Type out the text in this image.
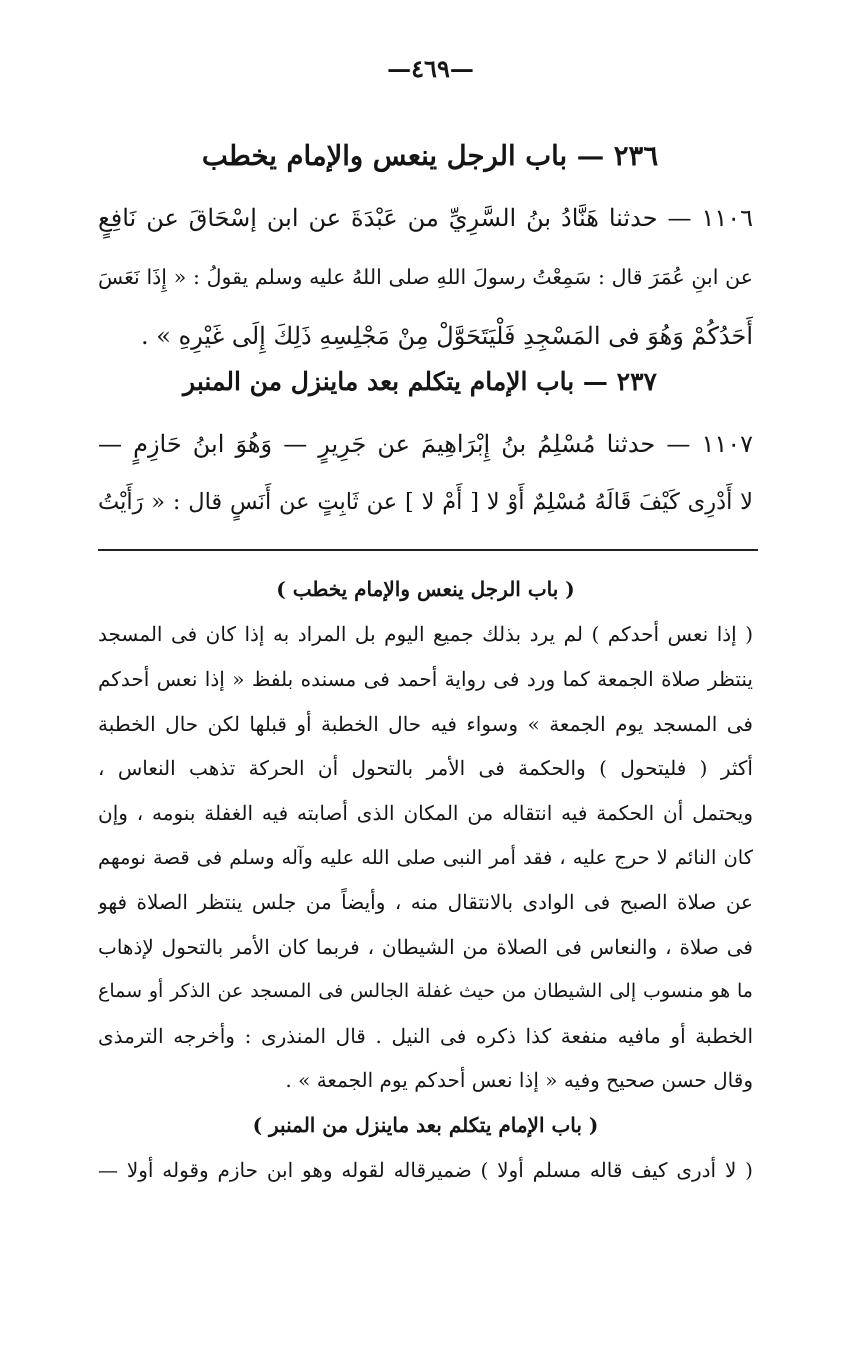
—٤٦٩—
٢٣٦ — باب الرجل ينعس والإمام يخطب
١١٠٦ — حدثنا هَنَّادُ بنُ السَّرِيِّ من عَبْدَةَ عن ابن إسْحَاقَ عن نَافِعٍ
عن ابنِ عُمَرَ قال : سَمِعْتُ رسولَ اللهِ صلى اللهُ عليه وسلم يقولُ : « إِذَا نَعَسَ
أَحَدُكُمْ وَهُوَ فى المَسْجِدِ فَلْيَتَحَوَّلْ مِنْ مَجْلِسِهِ ذَلِكَ إِلَى غَيْرِهِ » .
٢٣٧ — باب الإمام يتكلم بعد ماينزل من المنبر
١١٠٧ — حدثنا مُسْلِمُ بنُ إِبْرَاهِيمَ عن جَرِيرٍ — وَهُوَ ابنُ حَازِمٍ —
لا أَدْرِى كَيْفَ قَالَهُ مُسْلِمٌ أَوْ لا [ أَمْ لا ] عن ثَابِتٍ عن أَنَسٍ قال : « رَأَيْتُ
( باب الرجل ينعس والإمام يخطب )
( إذا نعس أحدكم ) لم يرد بذلك جميع اليوم بل المراد به إذا كان فى المسجد
ينتظر صلاة الجمعة كما ورد فى رواية أحمد فى مسنده بلفظ « إذا نعس أحدكم
فى المسجد يوم الجمعة » وسواء فيه حال الخطبة أو قبلها لكن حال الخطبة
أكثر ( فليتحول ) والحكمة فى الأمر بالتحول أن الحركة تذهب النعاس ،
ويحتمل أن الحكمة فيه انتقاله من المكان الذى أصابته فيه الغفلة بنومه ، وإن
كان النائم لا حرج عليه ، فقد أمر النبى صلى الله عليه وآله وسلم فى قصة نومهم
عن صلاة الصبح فى الوادى بالانتقال منه ، وأيضاً من جلس ينتظر الصلاة فهو
فى صلاة ، والنعاس فى الصلاة من الشيطان ، فربما كان الأمر بالتحول لإذهاب
ما هو منسوب إلى الشيطان من حيث غفلة الجالس فى المسجد عن الذكر أو سماع
الخطبة أو مافيه منفعة كذا ذكره فى النيل . قال المنذرى : وأخرجه الترمذى
وقال حسن صحيح وفيه « إذا نعس أحدكم يوم الجمعة » .
( باب الإمام يتكلم بعد ماينزل من المنبر )
( لا أدرى كيف قاله مسلم أولا ) ضميرقاله لقوله وهو ابن حازم وقوله أولا —
